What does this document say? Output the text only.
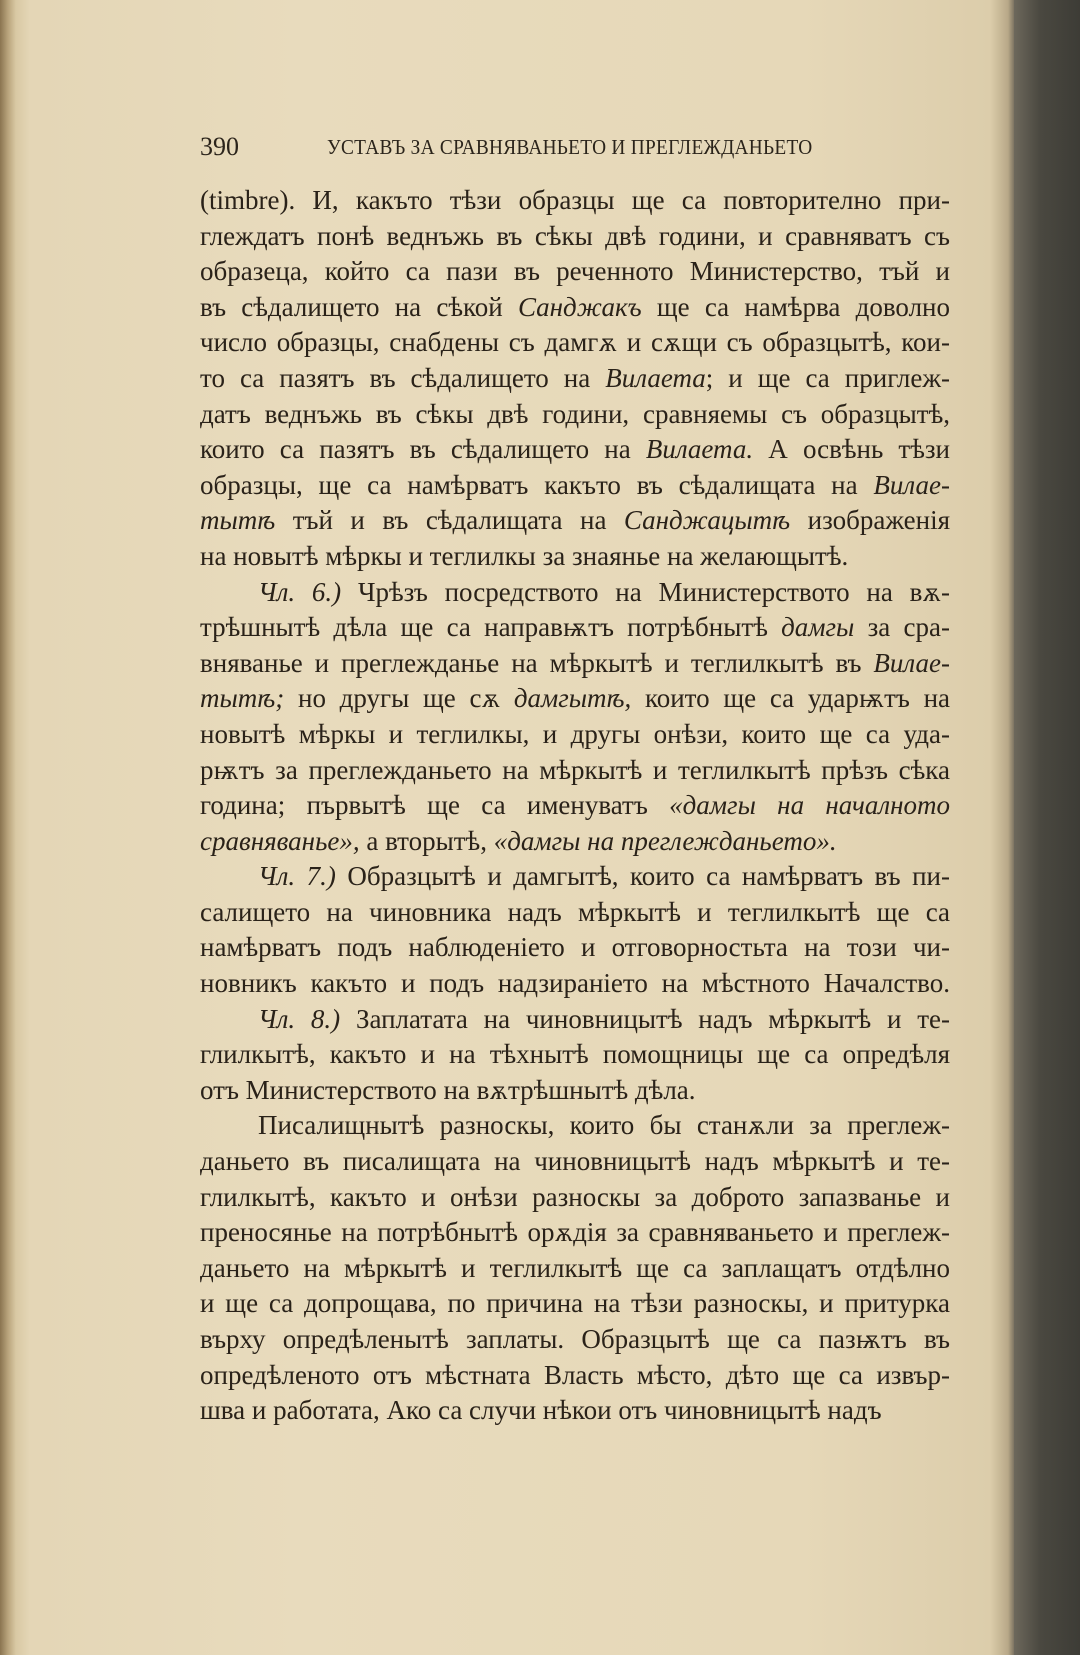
390	УСТАВЪ ЗА СРАВНЯВАНЬЕТО И ПРЕГЛЕЖДАНЬЕТО
(timbre). И, какъто тѣзи образцы ще са повторително при-
глеждатъ понѣ веднъжь въ сѣкы двѣ години, и сравняватъ съ
образеца, който са пази въ реченното Министерство, тъй и
въ сѣдалището на сѣкой Санджакъ ще са намѣрва доволно
число образцы, снабдены съ дамгѫ и сѫщи съ образцытѣ, кои-
то са пазятъ въ сѣдалището на Вилаета; и ще са приглеж-
датъ веднъжь въ сѣкы двѣ години, сравняемы съ образцытѣ,
които са пазятъ въ сѣдалището на Вилаета. А освѣнь тѣзи
образцы, ще са намѣрватъ какъто въ сѣдалищата на Вилае-
тытѣ тъй и въ сѣдалищата на Санджацытѣ изображенія
на новытѣ мѣркы и теглилкы за знаянье на желающытѣ.
Чл. 6.) Чрѣзъ посредството на Министерството на вѫ-
трѣшнытѣ дѣла ще са направѭтъ потрѣбнытѣ дамгы за сра-
вняванье и преглежданье на мѣркытѣ и теглилкытѣ въ Вилае-
тытѣ; но другы ще сѫ дамгытѣ, които ще са ударѭтъ на
новытѣ мѣркы и теглилкы, и другы онѣзи, които ще са уда-
рѭтъ за преглежданьето на мѣркытѣ и теглилкытѣ прѣзъ сѣка
година; първытѣ ще са именуватъ «дамгы на началното
сравняванье», а вторытѣ, «дамгы на преглежданьето».
Чл. 7.) Образцытѣ и дамгытѣ, които са намѣрватъ въ пи-
салището на чиновника надъ мѣркытѣ и теглилкытѣ ще са
намѣрватъ подъ наблюденіето и отговорностьта на този чи-
новникъ какъто и подъ надзираніето на мѣстното Началство.
Чл. 8.) Заплатата на чиновницытѣ надъ мѣркытѣ и те-
глилкытѣ, какъто и на тѣхнытѣ помощницы ще са опредѣля
отъ Министерството на вѫтрѣшнытѣ дѣла.
Писалищнытѣ разноскы, които бы станѫли за преглеж-
даньето въ писалищата на чиновницытѣ надъ мѣркытѣ и те-
глилкытѣ, какъто и онѣзи разноскы за доброто запазванье и
преносянье на потрѣбнытѣ орѫдія за сравняваньето и преглеж-
даньето на мѣркытѣ и теглилкытѣ ще са заплащатъ отдѣлно
и ще са допрощава, по причина на тѣзи разноскы, и притурка
върху опредѣленытѣ заплаты. Образцытѣ ще са пазѭтъ въ
опредѣленото отъ мѣстната Власть мѣсто, дѣто ще са извър-
шва и работата, Ако са случи нѣкои отъ чиновницытѣ надъ
